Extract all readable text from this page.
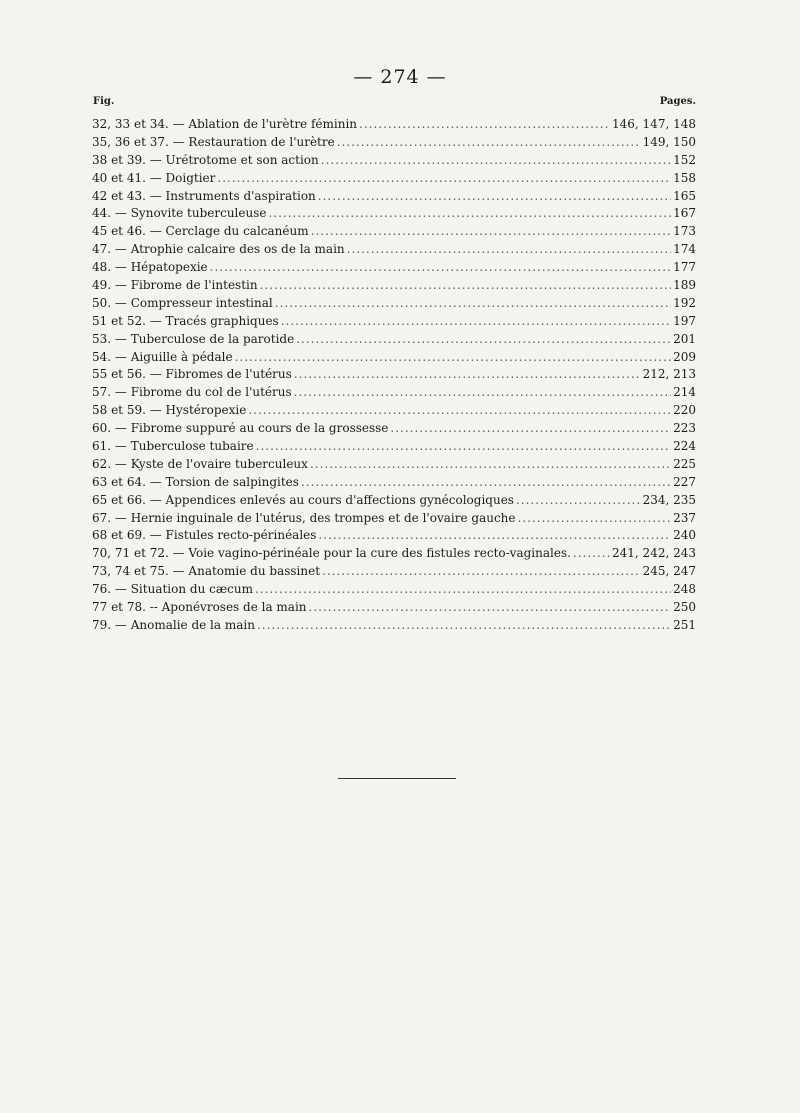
— 274 —
Fig.	Pages.
32, 33 et 34. — Ablation de l'urètre féminin .....	146, 147, 148
35, 36 et 37. — Restauration de l'urètre .....	149, 150
38 et 39. — Urétrotome et son action .....	152
40 et 41. — Doigtier .....	158
42 et 43. — Instruments d'aspiration .....	165
44. — Synovite tuberculeuse .....	167
45 et 46. — Cerclage du calcanéum .....	173
47. — Atrophie calcaire des os de la main .....	174
48. — Hépatopexie .....	177
49. — Fibrome de l'intestin .....	189
50. — Compresseur intestinal .....	192
51 et 52. — Tracés graphiques .....	197
53. — Tuberculose de la parotide .....	201
54. — Aiguille à pédale .....	209
55 et 56. — Fibromes de l'utérus .....	212, 213
57. — Fibrome du col de l'utérus .....	214
58 et 59. — Hystéropexie .....	220
60. — Fibrome suppuré au cours de la grossesse .....	223
61. — Tuberculose tubaire .....	224
62. — Kyste de l'ovaire tuberculeux .....	225
63 et 64. — Torsion de salpingites .....	227
65 et 66. — Appendices enlevés au cours d'affections gynécologiques .....	234, 235
67. — Hernie inguinale de l'utérus, des trompes et de l'ovaire gauche .....	237
68 et 69. — Fistules recto-périnéales .....	240
70, 71 et 72. — Voie vagino-périnéale pour la cure des fistules recto-vaginales. .....	241, 242, 243
73, 74 et 75. — Anatomie du bassinet .....	245, 247
76. — Situation du cæcum .....	248
77 et 78. -- Aponévroses de la main .....	250
79. — Anomalie de la main .....	251
